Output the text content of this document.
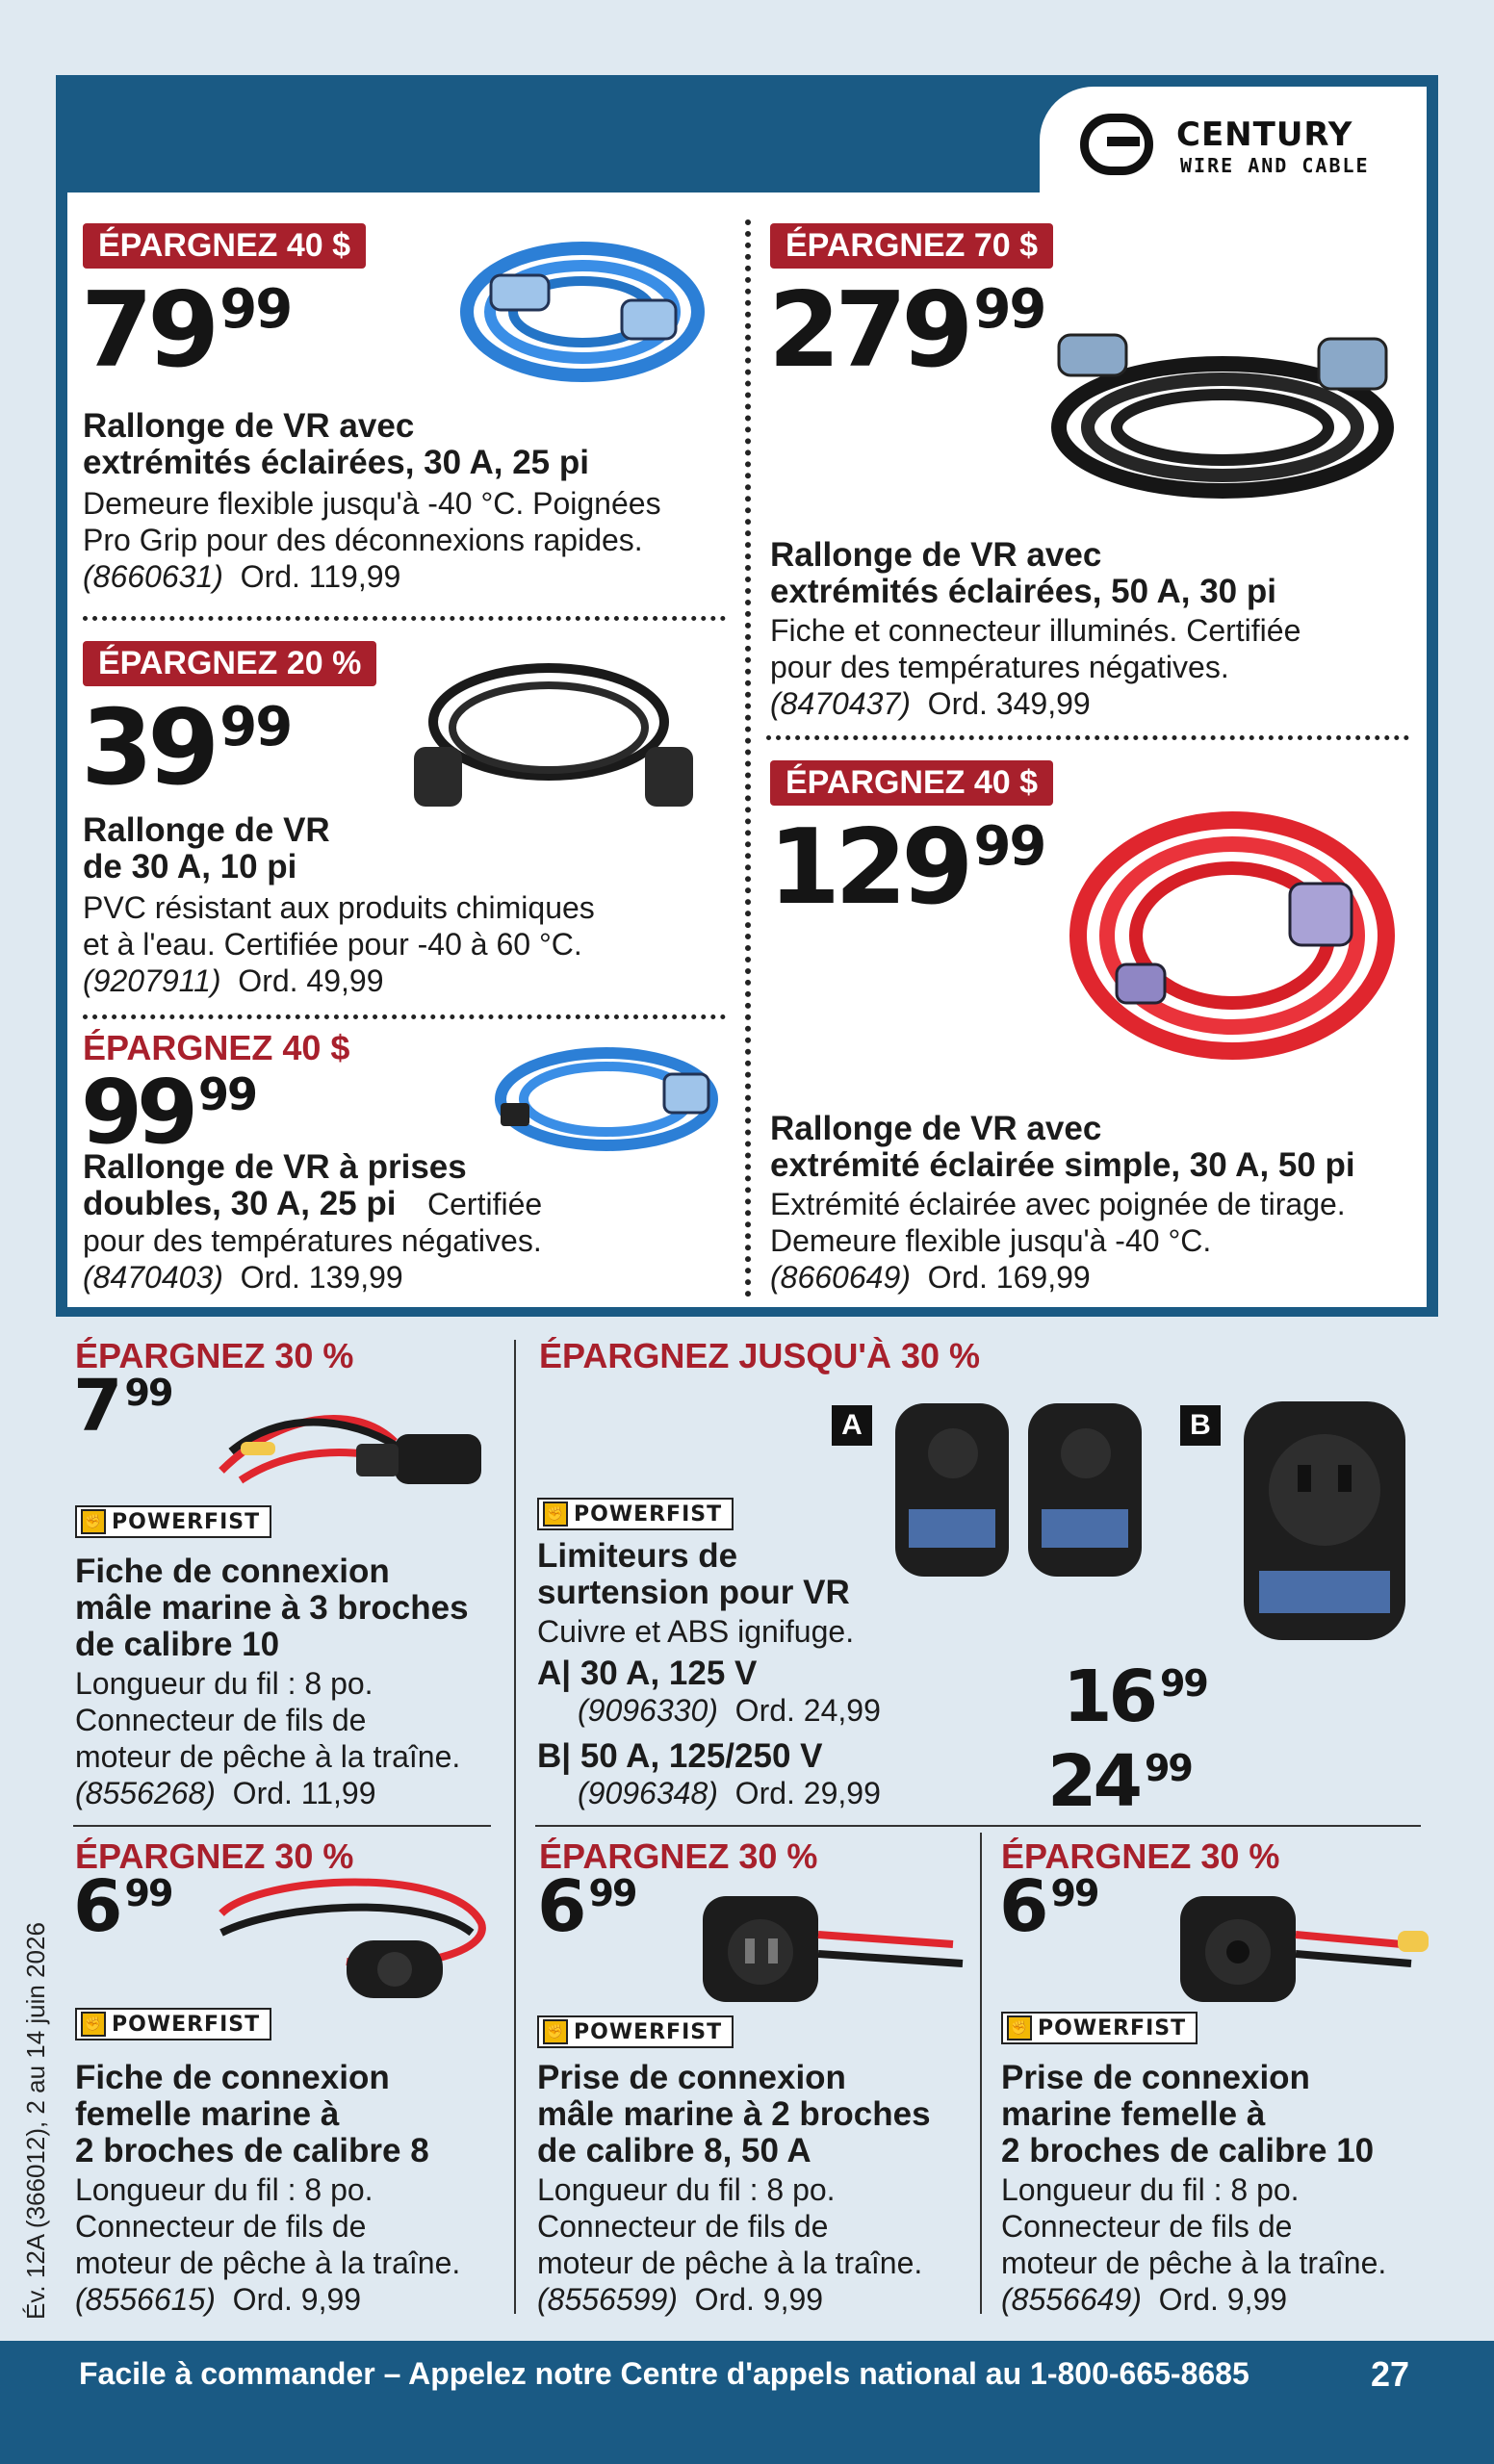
CENTURY
WIRE AND CABLE
ÉPARGNEZ 40 $
79 $^{99}$
Rallonge de VR avec
extrémités éclairées, 30 A, 25 pi
Demeure flexible jusqu'à -40 °C. Poignées
Pro Grip pour des déconnexions rapides.
(8660631) Ord. 119,99
ÉPARGNEZ 20 %
39 $^{99}$
Rallonge de VR
de 30 A, 10 pi
PVC résistant aux produits chimiques
et à l'eau. Certifiée pour -40 à 60 °C.
(9207911) Ord. 49,99
ÉPARGNEZ 40 $
99 $^{99}$
Rallonge de VR à prises
doubles, 30 A, 25 pi Certifiée
pour des températures négatives.
(8470403) Ord. 139,99
ÉPARGNEZ 70 $
279 $^{99}$
Rallonge de VR avec
extrémités éclairées, 50 A, 30 pi
Fiche et connecteur illuminés. Certifiée
pour des températures négatives.
(8470437) Ord. 349,99
ÉPARGNEZ 40 $
129 $^{99}$
Rallonge de VR avec
extrémité éclairée simple, 30 A, 50 pi
Extrémité éclairée avec poignée de tirage.
Demeure flexible jusqu'à -40 °C.
(8660649) Ord. 169,99
ÉPARGNEZ 30 %
7 $^{99}$
✊ POWERFIST
Fiche de connexion
mâle marine à 3 broches
de calibre 10
Longueur du fil : 8 po.
Connecteur de fils de
moteur de pêche à la traîne.
(8556268) Ord. 11,99
ÉPARGNEZ JUSQU'À 30 %
A	B
✊ POWERFIST
Limiteurs de
surtension pour VR
Cuivre et ABS ignifuge.
A| 30 A, 125 V
(9096330) Ord. 24,99
B| 50 A, 125/250 V
(9096348) Ord. 29,99
16 $^{99}$
24 $^{99}$
ÉPARGNEZ 30 %
6 $^{99}$
✊ POWERFIST
Fiche de connexion
femelle marine à
2 broches de calibre 8
Longueur du fil : 8 po.
Connecteur de fils de
moteur de pêche à la traîne.
(8556615) Ord. 9,99
ÉPARGNEZ 30 %
6 $^{99}$
✊ POWERFIST
Prise de connexion
mâle marine à 2 broches
de calibre 8, 50 A
Longueur du fil : 8 po.
Connecteur de fils de
moteur de pêche à la traîne.
(8556599) Ord. 9,99
ÉPARGNEZ 30 %
6 $^{99}$
✊ POWERFIST
Prise de connexion
marine femelle à
2 broches de calibre 10
Longueur du fil : 8 po.
Connecteur de fils de
moteur de pêche à la traîne.
(8556649) Ord. 9,99
Év. 12A (366012), 2 au 14 juin 2026
Facile à commander – Appelez notre Centre d'appels national au 1-800-665-8685	27
